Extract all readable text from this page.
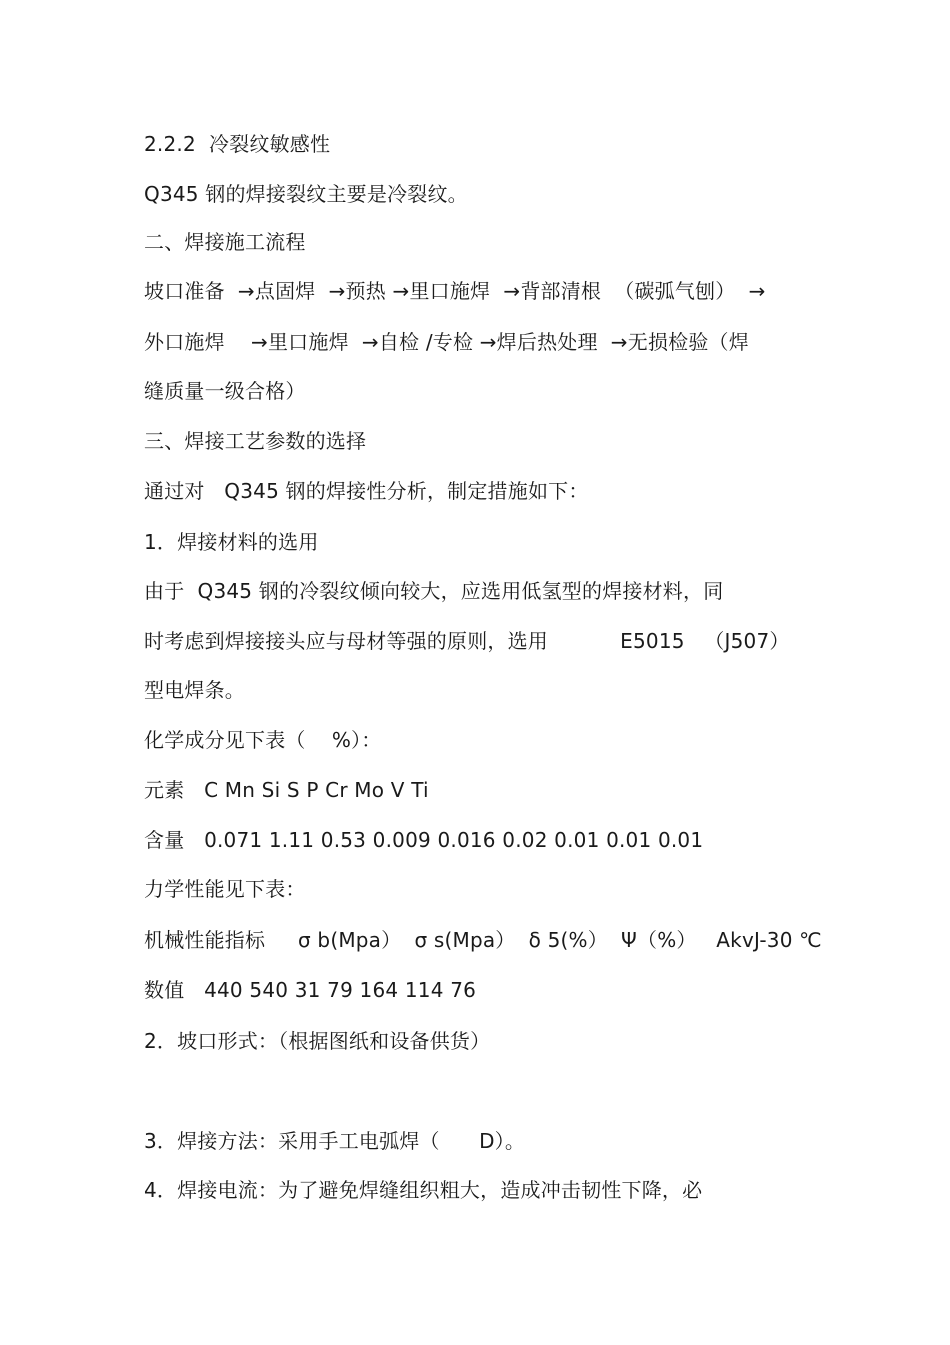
2.2.2  冷裂纹敏感性
Q345 钢的焊接裂纹主要是冷裂纹。
二、焊接施工流程
坡口准备  →点固焊  →预热 →里口施焊  →背部清根  （碳弧气刨）  →
外口施焊    →里口施焊  →自检 /专检 →焊后热处理  →无损检验（焊
缝质量一级合格）
三、焊接工艺参数的选择
通过对   Q345 钢的焊接性分析，制定措施如下：
1．焊接材料的选用
由于  Q345 钢的冷裂纹倾向较大，应选用低氢型的焊接材料，同
时考虑到焊接接头应与母材等强的原则，选用           E5015   （J507）
型电焊条。
化学成分见下表（    %）：
元素   C Mn Si S P Cr Mo V Ti
含量   0.071 1.11 0.53 0.009 0.016 0.02 0.01 0.01 0.01
力学性能见下表：
机械性能指标     σ b(Mpa）  σ s(Mpa）  δ 5(%）  Ψ（%）   AkvJ-30 ℃
数值   440 540 31 79 164 114 76
2．坡口形式：（根据图纸和设备供货）
3．焊接方法：采用手工电弧焊（      D）。
4．焊接电流：为了避免焊缝组织粗大，造成冲击韧性下降，必
